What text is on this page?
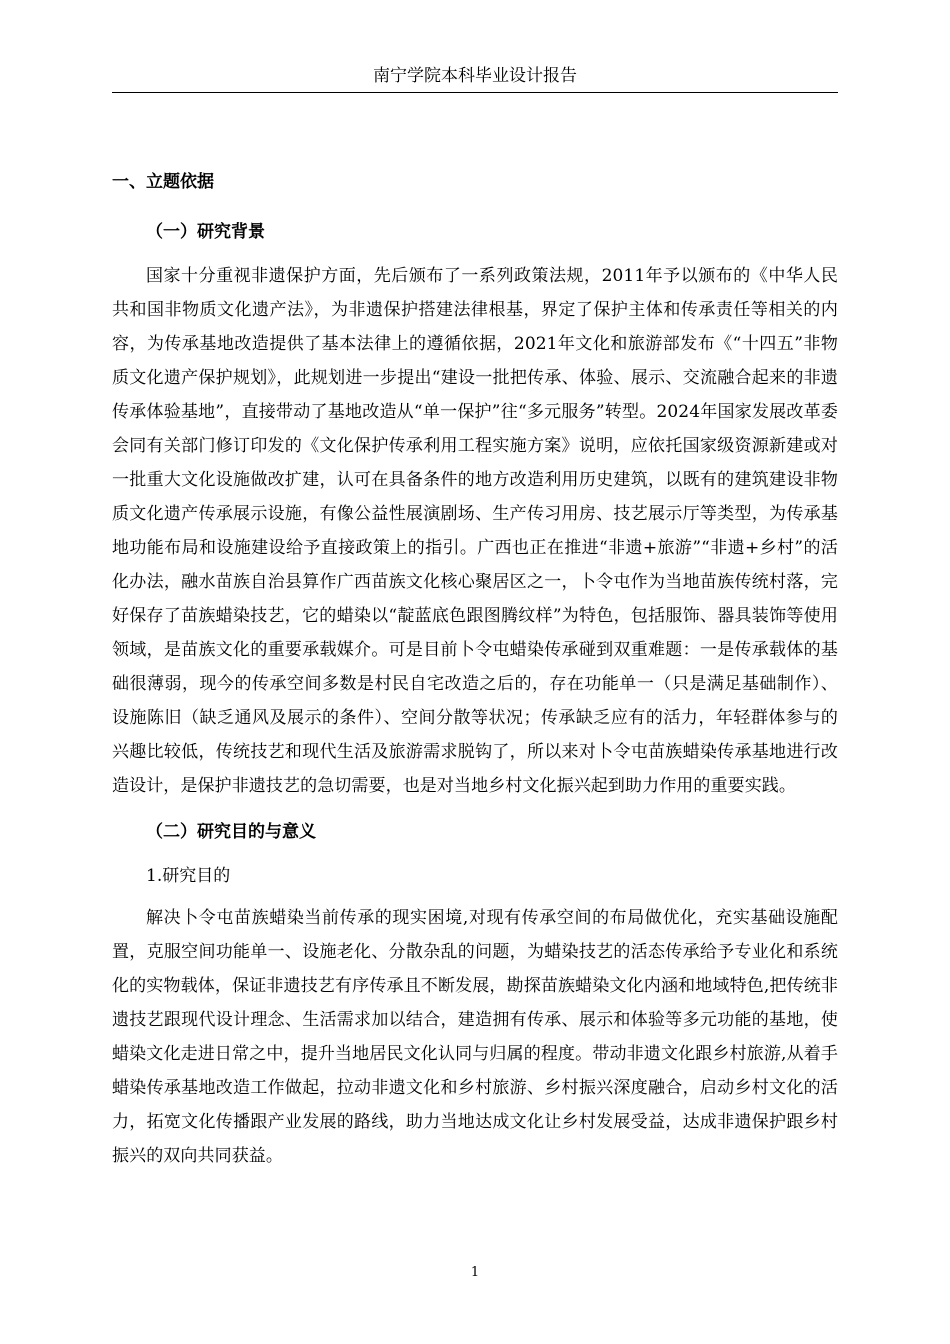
南宁学院本科毕业设计报告
一、立题依据
（一）研究背景

国家十分重视非遗保护方面，先后颁布了一系列政策法规，2011年予以颁布的《中华人民共和国非物质文化遗产法》，为非遗保护搭建法律根基，界定了保护主体和传承责任等相关的内容，为传承基地改造提供了基本法律上的遵循依据，2021年文化和旅游部发布《“十四五”非物质文化遗产保护规划》，此规划进一步提出“建设一批把传承、体验、展示、交流融合起来的非遗传承体验基地”，直接带动了基地改造从“单一保护”往“多元服务”转型。2024年国家发展改革委会同有关部门修订印发的《文化保护传承利用工程实施方案》说明，应依托国家级资源新建或对一批重大文化设施做改扩建，认可在具备条件的地方改造利用历史建筑，以既有的建筑建设非物质文化遗产传承展示设施，有像公益性展演剧场、生产传习用房、技艺展示厅等类型，为传承基地功能布局和设施建设给予直接政策上的指引。广西也正在推进“非遗+旅游”“非遗+乡村”的活化办法，融水苗族自治县算作广西苗族文化核心聚居区之一，卜令屯作为当地苗族传统村落，完好保存了苗族蜡染技艺，它的蜡染以“靛蓝底色跟图腾纹样”为特色，包括服饰、器具装饰等使用领域，是苗族文化的重要承载媒介。可是目前卜令屯蜡染传承碰到双重难题：一是传承载体的基础很薄弱，现今的传承空间多数是村民自宅改造之后的，存在功能单一（只是满足基础制作）、设施陈旧（缺乏通风及展示的条件）、空间分散等状况；传承缺乏应有的活力，年轻群体参与的兴趣比较低，传统技艺和现代生活及旅游需求脱钩了，所以来对卜令屯苗族蜡染传承基地进行改造设计，是保护非遗技艺的急切需要，也是对当地乡村文化振兴起到助力作用的重要实践。

（二）研究目的与意义
1.研究目的

解决卜令屯苗族蜡染当前传承的现实困境,对现有传承空间的布局做优化，充实基础设施配置，克服空间功能单一、设施老化、分散杂乱的问题，为蜡染技艺的活态传承给予专业化和系统化的实物载体，保证非遗技艺有序传承且不断发展，勘探苗族蜡染文化内涵和地域特色,把传统非遗技艺跟现代设计理念、生活需求加以结合，建造拥有传承、展示和体验等多元功能的基地，使蜡染文化走进日常之中，提升当地居民文化认同与归属的程度。带动非遗文化跟乡村旅游,从着手蜡染传承基地改造工作做起，拉动非遗文化和乡村旅游、乡村振兴深度融合，启动乡村文化的活力，拓宽文化传播跟产业发展的路线，助力当地达成文化让乡村发展受益，达成非遗保护跟乡村振兴的双向共同获益。

1
